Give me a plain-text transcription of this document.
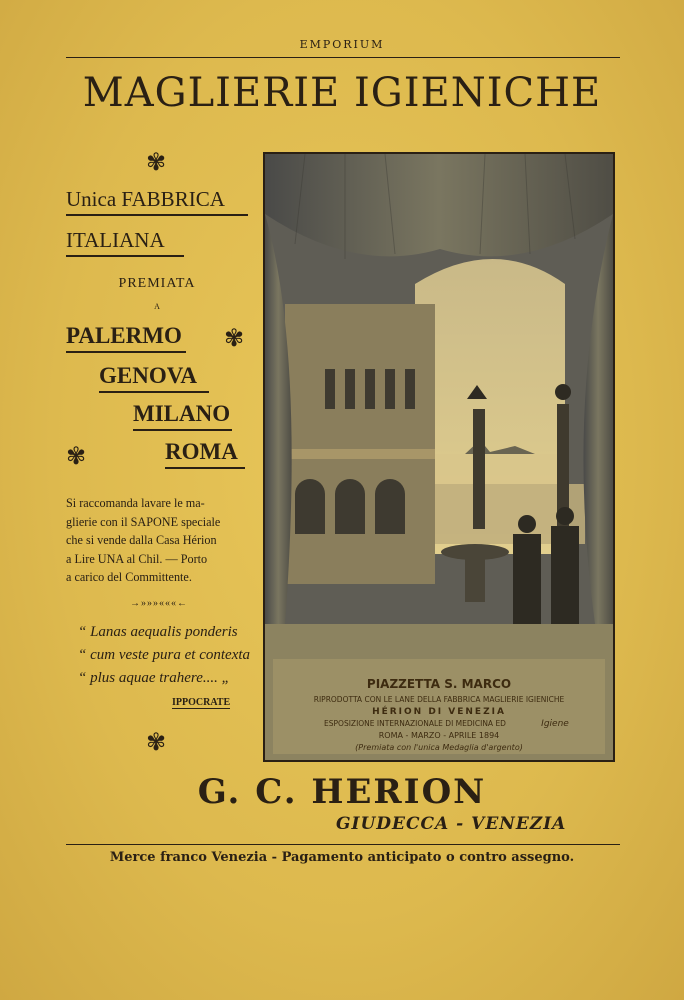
EMPORIUM
MAGLIERIE IGIENICHE
✾
Unica FABBRICA
ITALIANA
PREMIATA
A
PALERMO ✾
GENOVA
MILANO
✾	ROMA
Si raccomanda lavare le ma-
glierie con il SAPONE speciale
che si vende dalla Casa Hérion
a Lire UNA al Chil. — Porto
a carico del Committente.
→»»»«««←
“ Lanas aequalis ponderis
“ cum veste pura et contexta
“ plus aquae trahere.... „
IPPOCRATE
✾
PIAZZETTA S. MARCO
RIPRODOTTA CON LE LANE DELLA FABBRICA MAGLIERIE IGIENICHE
HÉRION DI VENEZIA
ESPOSIZIONE INTERNAZIONALE DI MEDICINA ED	Igiene
ROMA - MARZO - APRILE 1894
(Premiata con l'unica Medaglia d'argento)
G. C. HERION
GIUDECCA - VENEZIA
Merce franco Venezia - Pagamento anticipato o contro assegno.
